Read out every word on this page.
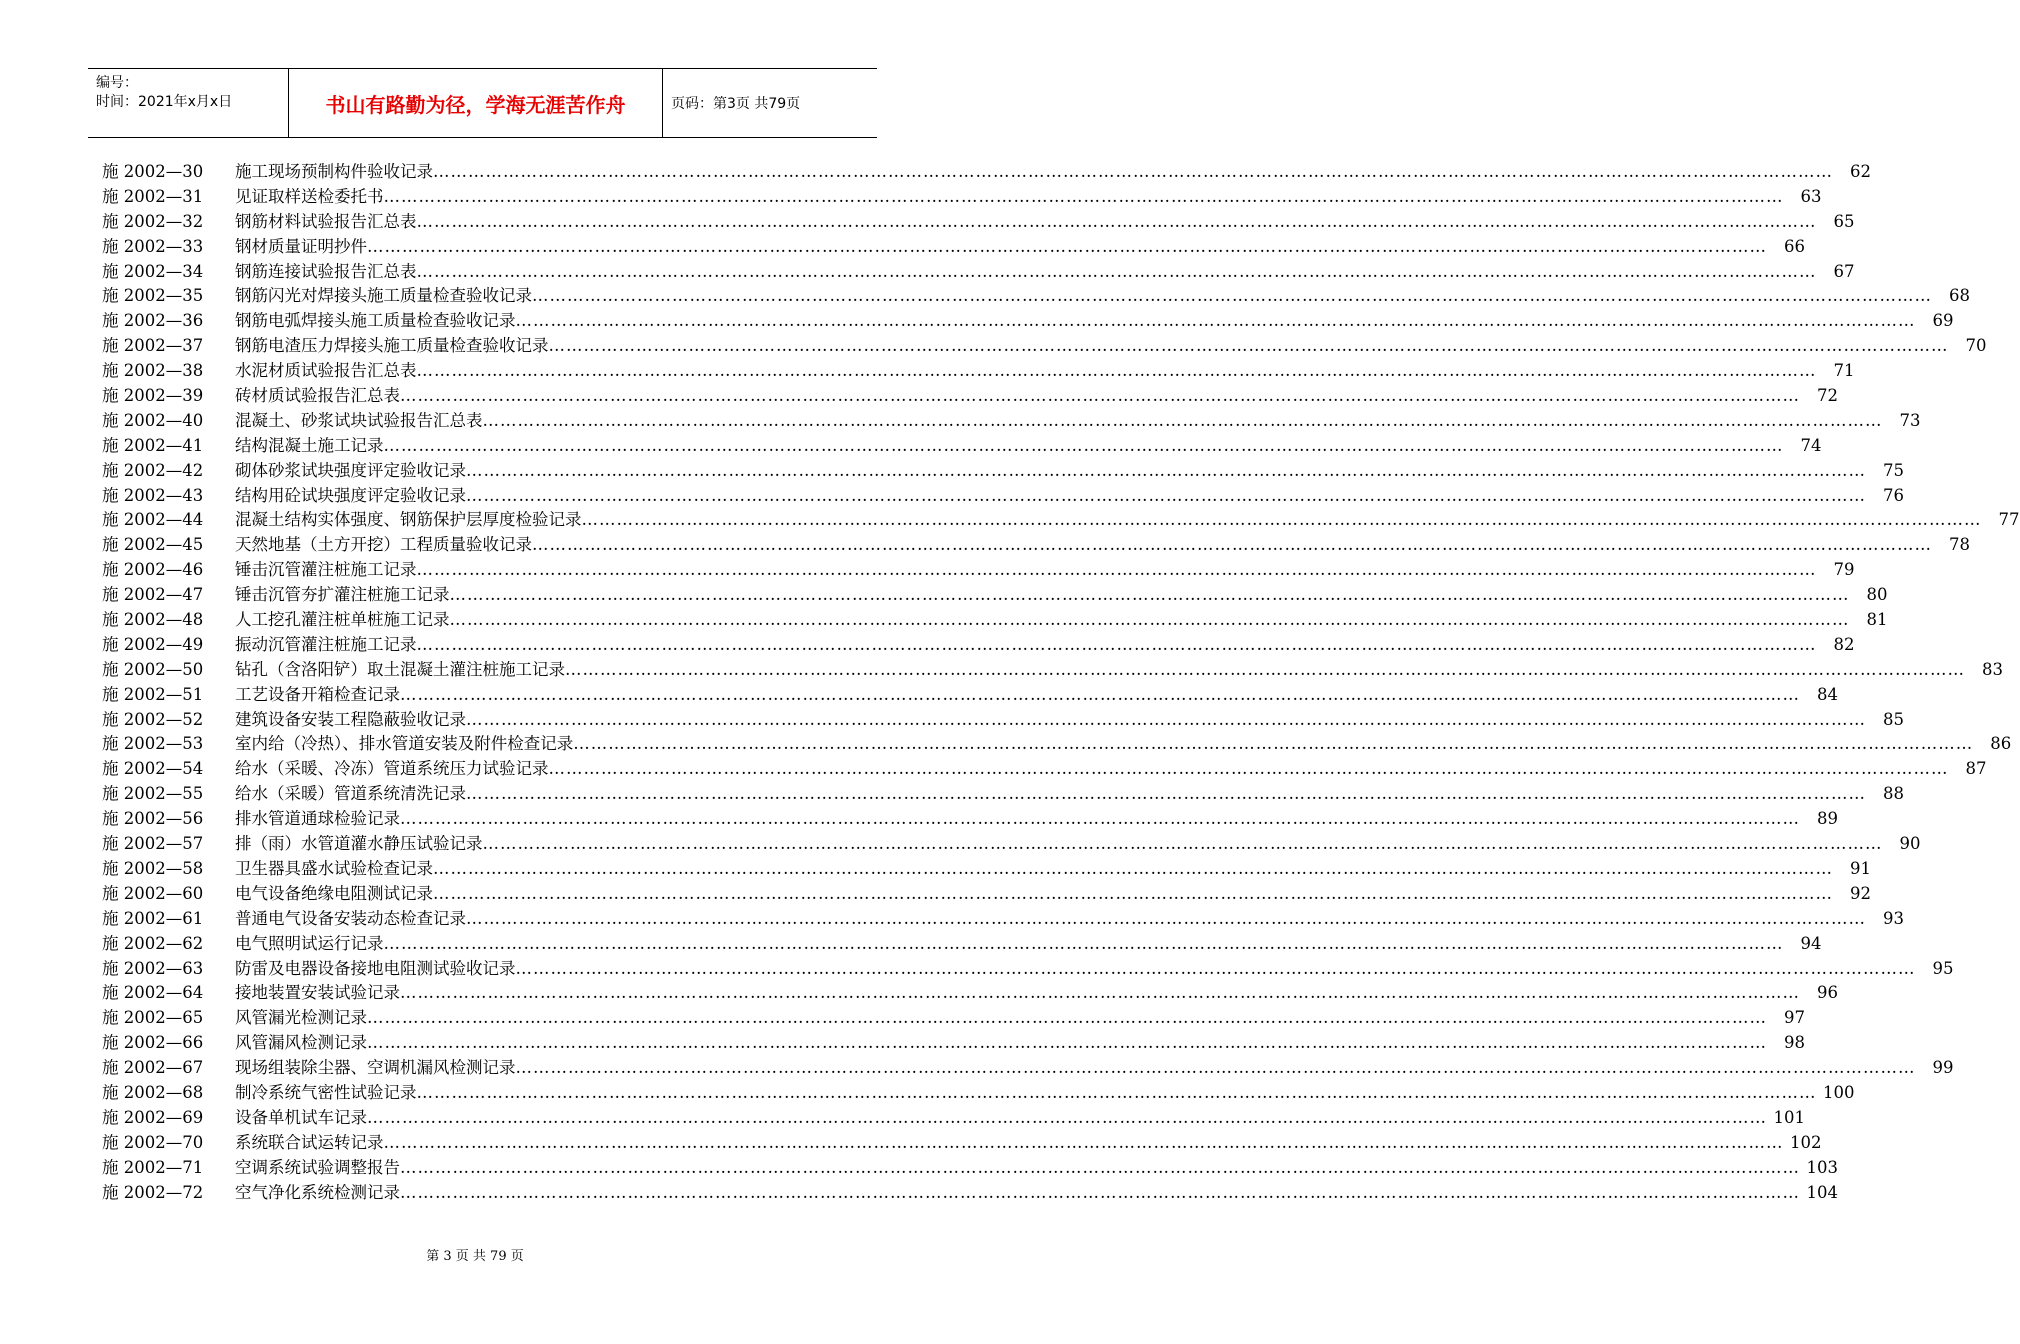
编号：
时间：2021年x月x日	书山有路勤为径，学海无涯苦作舟	页码：第3页 共79页
施 2002—30 施工现场预制构件验收记录 ……………………………………………………………………………………………………………………………………………………………………………………………………………………	62
施 2002—31 见证取样送检委托书 ……………………………………………………………………………………………………………………………………………………………………………………………………………………	63
施 2002—32 钢筋材料试验报告汇总表 ……………………………………………………………………………………………………………………………………………………………………………………………………………………	65
施 2002—33 钢材质量证明抄件 ……………………………………………………………………………………………………………………………………………………………………………………………………………………	66
施 2002—34 钢筋连接试验报告汇总表 ……………………………………………………………………………………………………………………………………………………………………………………………………………………	67
施 2002—35 钢筋闪光对焊接头施工质量检查验收记录 ……………………………………………………………………………………………………………………………………………………………………………………………………………………	68
施 2002—36 钢筋电弧焊接头施工质量检查验收记录 ……………………………………………………………………………………………………………………………………………………………………………………………………………………	69
施 2002—37 钢筋电渣压力焊接头施工质量检查验收记录 ……………………………………………………………………………………………………………………………………………………………………………………………………………………	70
施 2002—38 水泥材质试验报告汇总表 ……………………………………………………………………………………………………………………………………………………………………………………………………………………	71
施 2002—39 砖材质试验报告汇总表 ……………………………………………………………………………………………………………………………………………………………………………………………………………………	72
施 2002—40 混凝土、砂浆试块试验报告汇总表 ……………………………………………………………………………………………………………………………………………………………………………………………………………………	73
施 2002—41 结构混凝土施工记录 ……………………………………………………………………………………………………………………………………………………………………………………………………………………	74
施 2002—42 砌体砂浆试块强度评定验收记录 ……………………………………………………………………………………………………………………………………………………………………………………………………………………	75
施 2002—43 结构用砼试块强度评定验收记录 ……………………………………………………………………………………………………………………………………………………………………………………………………………………	76
施 2002—44 混凝土结构实体强度、钢筋保护层厚度检验记录 ……………………………………………………………………………………………………………………………………………………………………………………………………………………	77
施 2002—45 天然地基（土方开挖）工程质量验收记录 ……………………………………………………………………………………………………………………………………………………………………………………………………………………	78
施 2002—46 锤击沉管灌注桩施工记录 ……………………………………………………………………………………………………………………………………………………………………………………………………………………	79
施 2002—47 锤击沉管夯扩灌注桩施工记录 ……………………………………………………………………………………………………………………………………………………………………………………………………………………	80
施 2002—48 人工挖孔灌注桩单桩施工记录 ……………………………………………………………………………………………………………………………………………………………………………………………………………………	81
施 2002—49 振动沉管灌注桩施工记录 ……………………………………………………………………………………………………………………………………………………………………………………………………………………	82
施 2002—50 钻孔（含洛阳铲）取土混凝土灌注桩施工记录 ……………………………………………………………………………………………………………………………………………………………………………………………………………………	83
施 2002—51 工艺设备开箱检查记录 ……………………………………………………………………………………………………………………………………………………………………………………………………………………	84
施 2002—52 建筑设备安装工程隐蔽验收记录 ……………………………………………………………………………………………………………………………………………………………………………………………………………………	85
施 2002—53 室内给（冷热）、排水管道安装及附件检查记录 ……………………………………………………………………………………………………………………………………………………………………………………………………………………	86
施 2002—54 给水（采暖、冷冻）管道系统压力试验记录 ……………………………………………………………………………………………………………………………………………………………………………………………………………………	87
施 2002—55 给水（采暖）管道系统清洗记录 ……………………………………………………………………………………………………………………………………………………………………………………………………………………	88
施 2002—56 排水管道通球检验记录 ……………………………………………………………………………………………………………………………………………………………………………………………………………………	89
施 2002—57 排（雨）水管道灌水静压试验记录 ……………………………………………………………………………………………………………………………………………………………………………………………………………………	90
施 2002—58 卫生器具盛水试验检查记录 ……………………………………………………………………………………………………………………………………………………………………………………………………………………	91
施 2002—60 电气设备绝缘电阻测试记录 ……………………………………………………………………………………………………………………………………………………………………………………………………………………	92
施 2002—61 普通电气设备安装动态检查记录 ……………………………………………………………………………………………………………………………………………………………………………………………………………………	93
施 2002—62 电气照明试运行记录 ……………………………………………………………………………………………………………………………………………………………………………………………………………………	94
施 2002—63 防雷及电器设备接地电阻测试验收记录 ……………………………………………………………………………………………………………………………………………………………………………………………………………………	95
施 2002—64 接地装置安装试验记录 ……………………………………………………………………………………………………………………………………………………………………………………………………………………	96
施 2002—65 风管漏光检测记录 ……………………………………………………………………………………………………………………………………………………………………………………………………………………	97
施 2002—66 风管漏风检测记录 ……………………………………………………………………………………………………………………………………………………………………………………………………………………	98
施 2002—67 现场组装除尘器、空调机漏风检测记录 ……………………………………………………………………………………………………………………………………………………………………………………………………………………	99
施 2002—68 制冷系统气密性试验记录 …………………………………………………………………………………………………………………………………………………………………………………………………………………… 100
施 2002—69 设备单机试车记录 …………………………………………………………………………………………………………………………………………………………………………………………………………………… 101
施 2002—70 系统联合试运转记录 …………………………………………………………………………………………………………………………………………………………………………………………………………………… 102
施 2002—71 空调系统试验调整报告 …………………………………………………………………………………………………………………………………………………………………………………………………………………… 103
施 2002—72 空气净化系统检测记录 …………………………………………………………………………………………………………………………………………………………………………………………………………………… 104
第 3 页 共 79 页
